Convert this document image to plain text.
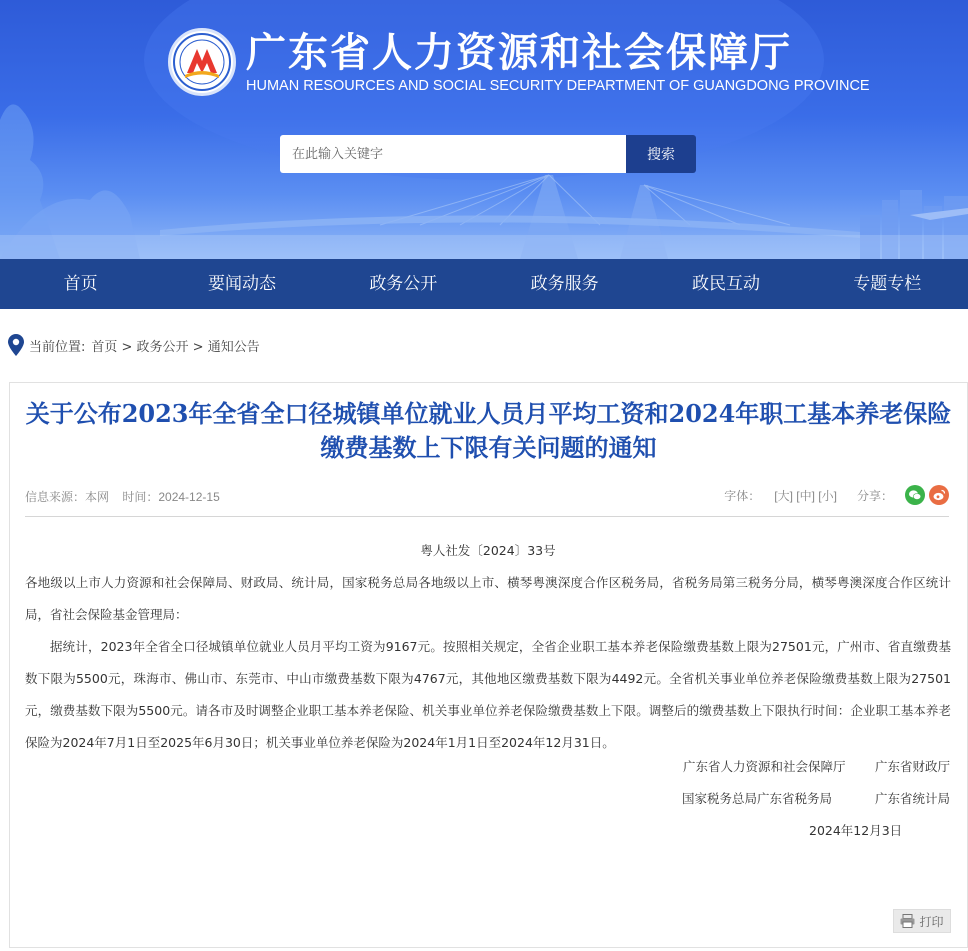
广东省人力资源和社会保障厅
HUMAN RESOURCES AND SOCIAL SECURITY DEPARTMENT OF GUANGDONG PROVINCE
在此输入关键字
搜索
首页	要闻动态	政务公开	政务服务	政民互动	专题专栏
当前位置: 首页 > 政务公开 > 通知公告
关于公布2023年全省全口径城镇单位就业人员月平均工资和2024年职工基本养老保险缴费基数上下限有关问题的通知
信息来源：本网 时间：2024-12-15	字体： [大] [中] [小] 分享：
粤人社发〔2024〕33号
各地级以上市人力资源和社会保障局、财政局、统计局，国家税务总局各地级以上市、横琴粤澳深度合作区税务局，省税务局第三税务分局，横琴粤澳深度合作区统计局，省社会保险基金管理局：
据统计，2023年全省全口径城镇单位就业人员月平均工资为9167元。按照相关规定，全省企业职工基本养老保险缴费基数上限为27501元，广州市、省直缴费基数下限为5500元，珠海市、佛山市、东莞市、中山市缴费基数下限为4767元，其他地区缴费基数下限为4492元。全省机关事业单位养老保险缴费基数上限为27501元，缴费基数下限为5500元。请各市及时调整企业职工基本养老保险、机关事业单位养老保险缴费基数上下限。调整后的缴费基数上下限执行时间：企业职工基本养老保险为2024年7月1日至2025年6月30日；机关事业单位养老保险为2024年1月1日至2024年12月31日。
广东省人力资源和社会保障厅 广东省财政厅
国家税务总局广东省税务局	广东省统计局
2024年12月3日
打印
